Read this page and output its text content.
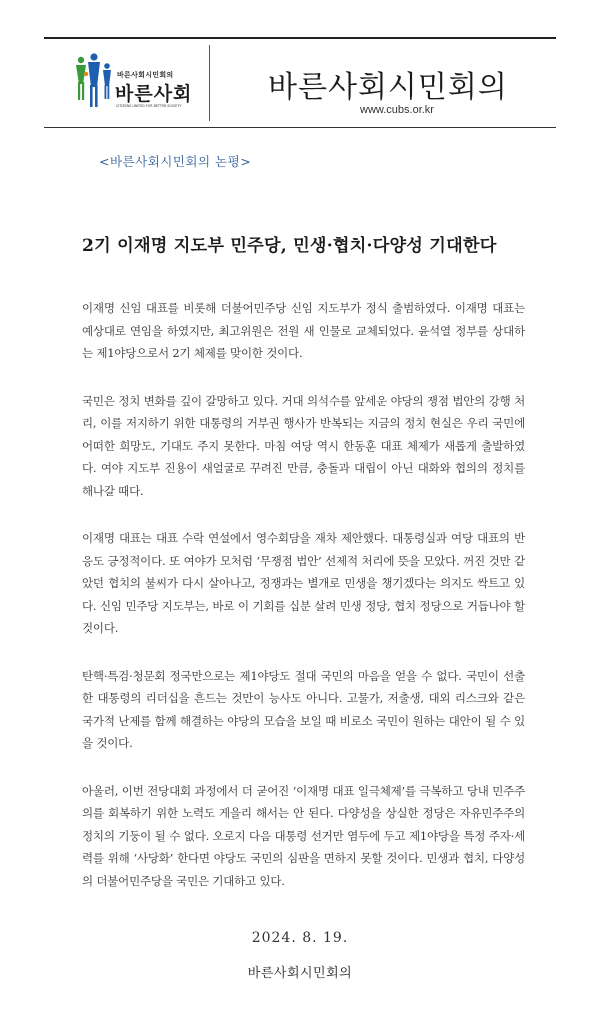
바른사회시민회의
바른사회
CITIZENS UNITED FOR BETTER SOCIETY
바른사회시민회의
www.cubs.or.kr
<바른사회시민회의 논평>
2기 이재명 지도부 민주당, 민생·협치·다양성 기대한다

이재명 신임 대표를 비롯해 더불어민주당 신임 지도부가 정식 출범하였다. 이재명 대표는 예상대로 연임을 하였지만, 최고위원은 전원 새 인물로 교체되었다. 윤석열 정부를 상대하는 제1야당으로서 2기 체제를 맞이한 것이다.

국민은 정치 변화를 깊이 갈망하고 있다. 거대 의석수를 앞세운 야당의 쟁점 법안의 강행 처리, 이를 저지하기 위한 대통령의 거부권 행사가 반복되는 지금의 정치 현실은 우리 국민에 어떠한 희망도, 기대도 주지 못한다. 마침 여당 역시 한동훈 대표 체제가 새롭게 출발하였다. 여야 지도부 진용이 새얼굴로 꾸려진 만큼, 충돌과 대립이 아닌 대화와 협의의 정치를 해나갈 때다.

이재명 대표는 대표 수락 연설에서 영수회담을 재차 제안했다. 대통령실과 여당 대표의 반응도 긍정적이다. 또 여야가 모처럼 ‘무쟁점 법안’ 선제적 처리에 뜻을 모았다. 꺼진 것만 같았던 협치의 불씨가 다시 살아나고, 정쟁과는 별개로 민생을 챙기겠다는 의지도 싹트고 있다. 신임 민주당 지도부는, 바로 이 기회를 십분 살려 민생 정당, 협치 정당으로 거듭나야 할 것이다.

탄핵·특검·청문회 정국만으로는 제1야당도 절대 국민의 마음을 얻을 수 없다. 국민이 선출한 대통령의 리더십을 흔드는 것만이 능사도 아니다. 고물가, 저출생, 대외 리스크와 같은 국가적 난제를 함께 해결하는 야당의 모습을 보일 때 비로소 국민이 원하는 대안이 될 수 있을 것이다.

아울러, 이번 전당대회 과정에서 더 굳어진 ‘이재명 대표 일극체제’를 극복하고 당내 민주주의를 회복하기 위한 노력도 게을리 해서는 안 된다. 다양성을 상실한 정당은 자유민주주의 정치의 기둥이 될 수 없다. 오로지 다음 대통령 선거만 염두에 두고 제1야당을 특정 주자·세력를 위해 ‘사당화’ 한다면 야당도 국민의 심판을 면하지 못할 것이다. 민생과 협치, 다양성의 더불어민주당을 국민은 기대하고 있다.

2024. 8. 19.
바른사회시민회의
